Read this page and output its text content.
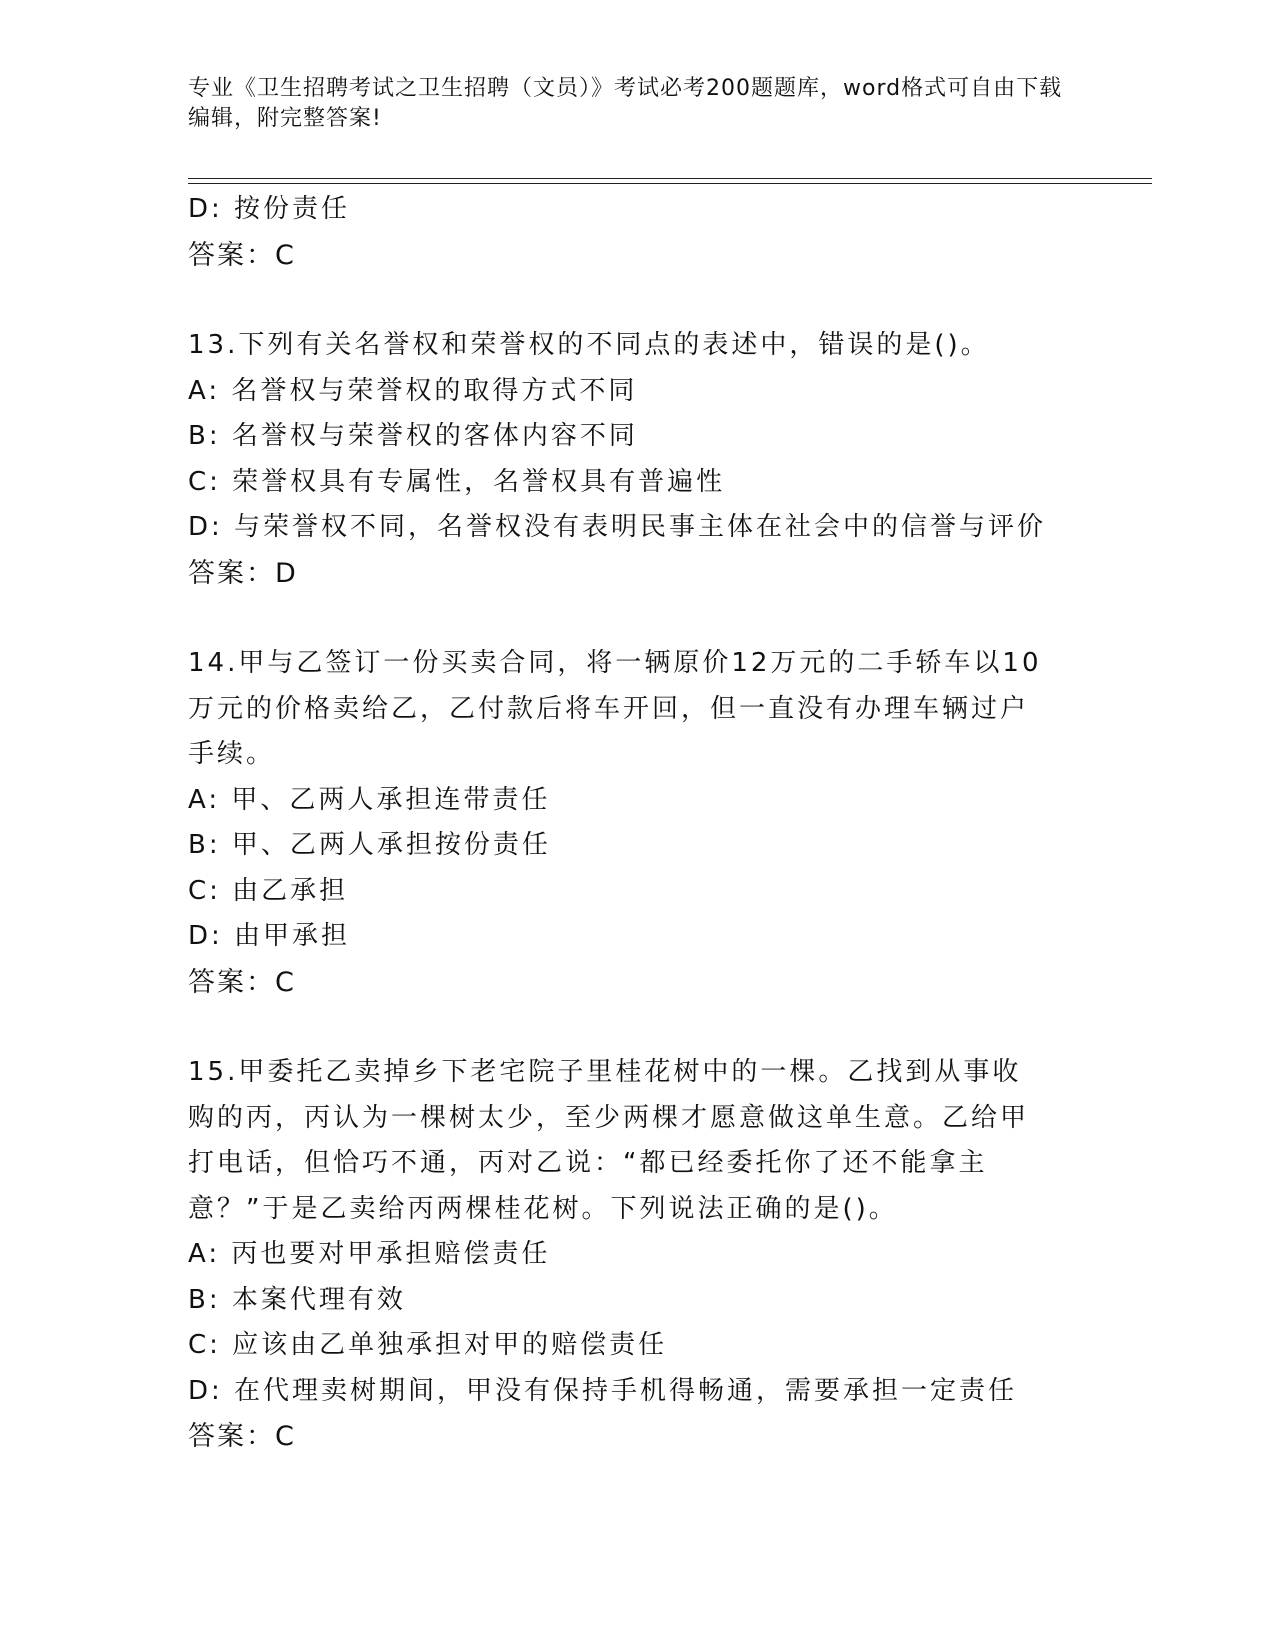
专业《卫生招聘考试之卫生招聘（文员）》考试必考200题题库，word格式可自由下载编辑，附完整答案!
D: 按份责任
答案：C
13.下列有关名誉权和荣誉权的不同点的表述中，错误的是()。
A: 名誉权与荣誉权的取得方式不同
B: 名誉权与荣誉权的客体内容不同
C: 荣誉权具有专属性，名誉权具有普遍性
D: 与荣誉权不同，名誉权没有表明民事主体在社会中的信誉与评价
答案：D
14.甲与乙签订一份买卖合同，将一辆原价12万元的二手轿车以10万元的价格卖给乙，乙付款后将车开回，但一直没有办理车辆过户手续。
A: 甲、乙两人承担连带责任
B: 甲、乙两人承担按份责任
C: 由乙承担
D: 由甲承担
答案：C
15.甲委托乙卖掉乡下老宅院子里桂花树中的一棵。乙找到从事收购的丙，丙认为一棵树太少，至少两棵才愿意做这单生意。乙给甲打电话，但恰巧不通，丙对乙说：“都已经委托你了还不能拿主意？”于是乙卖给丙两棵桂花树。下列说法正确的是()。
A: 丙也要对甲承担赔偿责任
B: 本案代理有效
C: 应该由乙单独承担对甲的赔偿责任
D: 在代理卖树期间，甲没有保持手机得畅通，需要承担一定责任
答案：C
